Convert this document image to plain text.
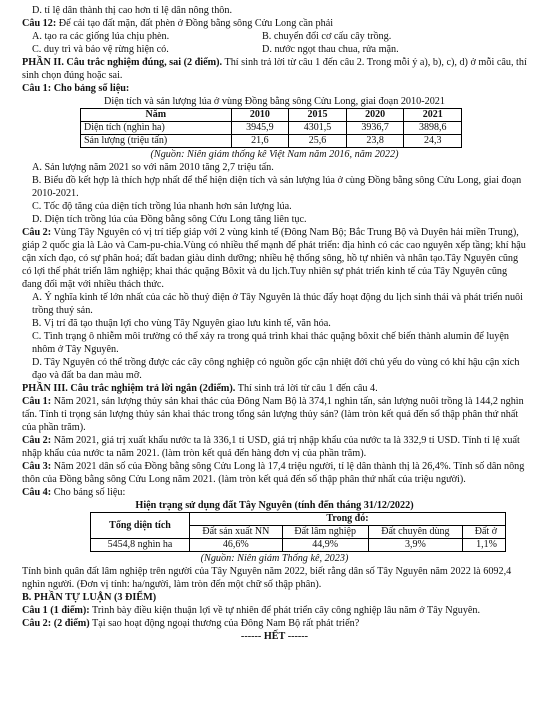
D. tỉ lệ dân thành thị cao hơn tỉ lệ dân nông thôn.

Câu 12: Để cải tạo đất mặn, đất phèn ở Đồng bằng sông Cửu Long cần phải

A. tạo ra các giống lúa chịu phèn.	B. chuyển đổi cơ cấu cây trồng.
C. duy trì và bảo vệ rừng hiện có.	D. nước ngọt thau chua, rửa mặn.

PHẦN II. Câu trắc nghiệm đúng, sai (2 điểm). Thí sinh trả lời từ câu 1 đến câu 2. Trong mỗi ý a), b), c), d) ở mỗi câu, thí sinh chọn đúng hoặc sai.

Câu 1: Cho bảng số liệu:

Diện tích và sản lượng lúa ở vùng Đồng bằng sông Cửu Long, giai đoạn 2010-2021

Năm	2010	2015	2020	2021
Diện tích (nghìn ha)	3945,9	4301,5	3936,7	3898,6
Sản lượng (triệu tấn)	21,6	25,6	23,8	24,3

(Nguồn: Niên giám thống kê Việt Nam năm 2016, năm 2022)

A. Sản lượng năm 2021 so với năm 2010 tăng 2,7 triệu tấn.

B. Biểu đồ kết hợp là thích hợp nhất để thể hiện diện tích và sản lượng lúa ở cùng Đồng bằng sông Cửu Long, giai đoạn 2010-2021.

C. Tốc độ tăng của diện tích trồng lúa nhanh hơn sản lượng lúa.

D. Diện tích trồng lúa của Đồng bằng sông Cửu Long tăng liên tục.

Câu 2: Vùng Tây Nguyên có vị trí tiếp giáp với 2 vùng kinh tế (Đông Nam Bộ; Bắc Trung Bộ và Duyên hải miền Trung), giáp 2 quốc gia là Lào và Cam-pu-chia.Vùng có nhiều thế mạnh để phát triển: địa hình có các cao nguyên xếp tầng; khí hậu cận xích đạo, có sự phân hoá; đất badan giàu dinh dưỡng; nhiều hệ thống sông, hồ tự nhiên và nhân tạo.Tây Nguyên cũng có lợi thế phát triển lâm nghiệp; khai thác quặng Bôxit và du lịch.Tuy nhiên sự phát triển kinh tế của Tây Nguyên cũng đang đối mặt với nhiều thách thức.

A. Ý nghĩa kinh tế lớn nhất của các hồ thuỷ điện ở Tây Nguyên là thúc đẩy hoạt động du lịch sinh thái và phát triển nuôi trồng thuỷ sản.

B. Vị trí đã tạo thuận lợi cho vùng Tây Nguyên giao lưu kinh tế, văn hóa.

C. Tình trạng ô nhiễm môi trường có thể xảy ra trong quá trình khai thác quặng bôxit chế biến thành alumin để luyện nhôm ở Tây Nguyên.

D. Tây Nguyên có thể trồng được các cây công nghiệp có nguồn gốc cận nhiệt đới chủ yếu do vùng có khí hậu cận xích đạo và đất ba dan màu mỡ.

PHẦN III. Câu trắc nghiệm trả lời ngắn (2điểm). Thí sinh trả lời từ câu 1 đến câu 4.

Câu 1: Năm 2021, sản lượng thủy sản khai thác của Đông Nam Bộ là 374,1 nghìn tấn, sản lượng nuôi trồng là 144,2 nghìn tấn. Tính tỉ trọng sản lượng thủy sản khai thác trong tổng sản lượng thủy sản? (làm tròn kết quả đến số thập phân thứ nhất của phần trăm).

Câu 2: Năm 2021, giá trị xuất khẩu nước ta là 336,1 tỉ USD, giá trị nhập khẩu của nước ta là 332,9 tỉ USD. Tính tỉ lệ xuất nhập khẩu của nước ta năm 2021. (làm tròn kết quả đến hàng đơn vị của phần trăm).

Câu 3: Năm 2021 dân số của Đồng bằng sông Cửu Long là 17,4 triệu người, tỉ lệ dân thành thị là 26,4%. Tính số dân nông thôn của Đồng bằng sông Cửu Long năm 2021. (làm tròn kết quả đến số thập phân thứ nhất của triệu người).

Câu 4: Cho bảng số liệu:

Hiện trạng sử dụng đất Tây Nguyên (tính đến tháng 31/12/2022)

Tổng diện tích	Trong đó:			
	Đất sản xuất NN	Đất lâm nghiệp	Đất chuyên dùng	Đất ở
5454,8 nghìn ha	46,6%	44,9%	3,9%	1,1%

(Nguồn: Niên giám Thống kê, 2023)

Tính bình quân đất lâm nghiệp trên người của Tây Nguyên năm 2022, biết rằng dân số Tây Nguyên năm 2022 là 6092,4 nghìn người. (Đơn vị tính: ha/người, làm tròn đến một chữ số thập phân).

B. PHẦN TỰ LUẬN (3 ĐIỂM)

Câu 1 (1 điểm): Trình bày điều kiện thuận lợi về tự nhiên để phát triển cây công nghiệp lâu năm ở Tây Nguyên.

Câu 2: (2 điểm) Tại sao hoạt động ngoại thương của Đông Nam Bộ rất phát triển?

------ HẾT ------
